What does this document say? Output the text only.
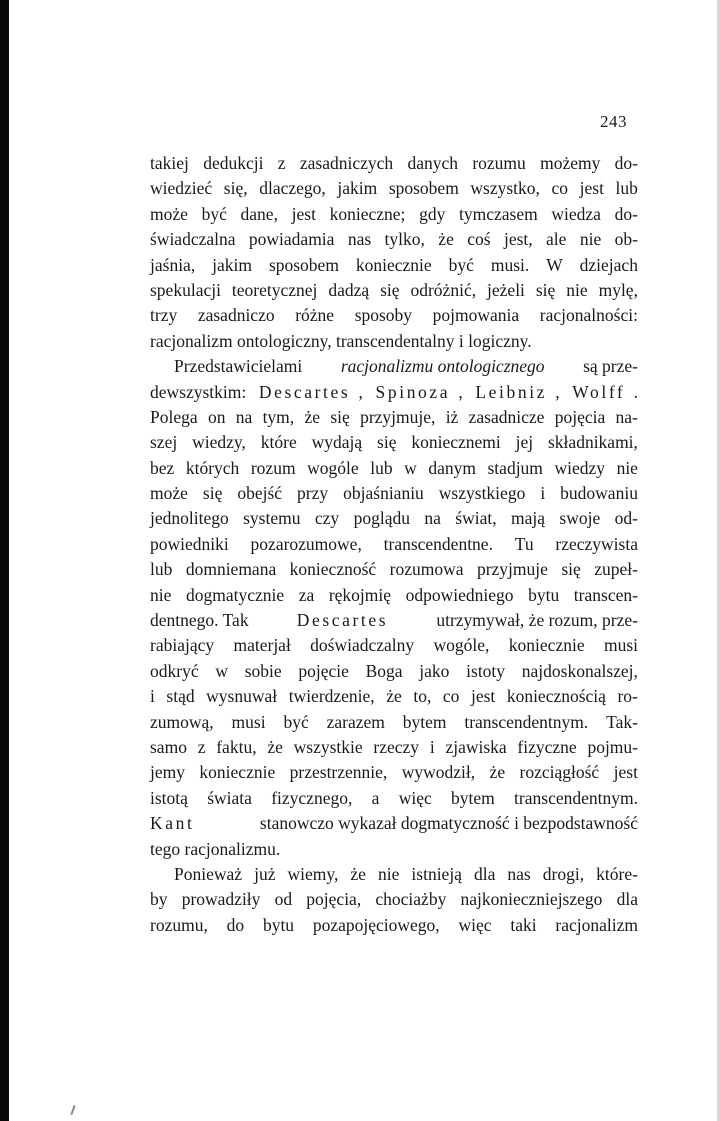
243
takiej dedukcji z zasadniczych danych rozumu możemy do-
wiedzieć się, dlaczego, jakim sposobem wszystko, co jest lub
może być dane, jest konieczne; gdy tymczasem wiedza do-
świadczalna powiadamia nas tylko, że coś jest, ale nie ob-
jaśnia, jakim sposobem koniecznie być musi. W dziejach
spekulacji teoretycznej dadzą się odróżnić, jeżeli się nie mylę,
trzy zasadniczo różne sposoby pojmowania racjonalności:
racjonalizm ontologiczny, transcendentalny i logiczny.
Przedstawicielami racjonalizmu ontologicznego są prze-
dewszystkim: Descartes , Spinoza , Leibniz , Wolff .
Polega on na tym, że się przyjmuje, iż zasadnicze pojęcia na-
szej wiedzy, które wydają się koniecznemi jej składnikami,
bez których rozum wogóle lub w danym stadjum wiedzy nie
może się obejść przy objaśnianiu wszystkiego i budowaniu
jednolitego systemu czy poglądu na świat, mają swoje od-
powiedniki pozarozumowe, transcendentne. Tu rzeczywista
lub domniemana konieczność rozumowa przyjmuje się zupeł-
nie dogmatycznie za rękojmię odpowiedniego bytu transcen-
dentnego. Tak	Descartes	utrzymywał, że rozum, prze-
rabiający materjał doświadczalny wogóle, koniecznie musi
odkryć w sobie pojęcie Boga jako istoty najdoskonalszej,
i stąd wysnuwał twierdzenie, że to, co jest koniecznością ro-
zumową, musi być zarazem bytem transcendentnym. Tak-
samo z faktu, że wszystkie rzeczy i zjawiska fizyczne pojmu-
jemy koniecznie przestrzennie, wywodził, że rozciągłość jest
istotą świata fizycznego, a więc bytem transcendentnym.
Kant	stanowczo wykazał dogmatyczność i bezpodstawność
tego racjonalizmu.
Ponieważ już wiemy, że nie istnieją dla nas drogi, które-
by prowadziły od pojęcia, chociażby najkonieczniejszego dla
rozumu, do bytu pozapojęciowego, więc taki racjonalizm
